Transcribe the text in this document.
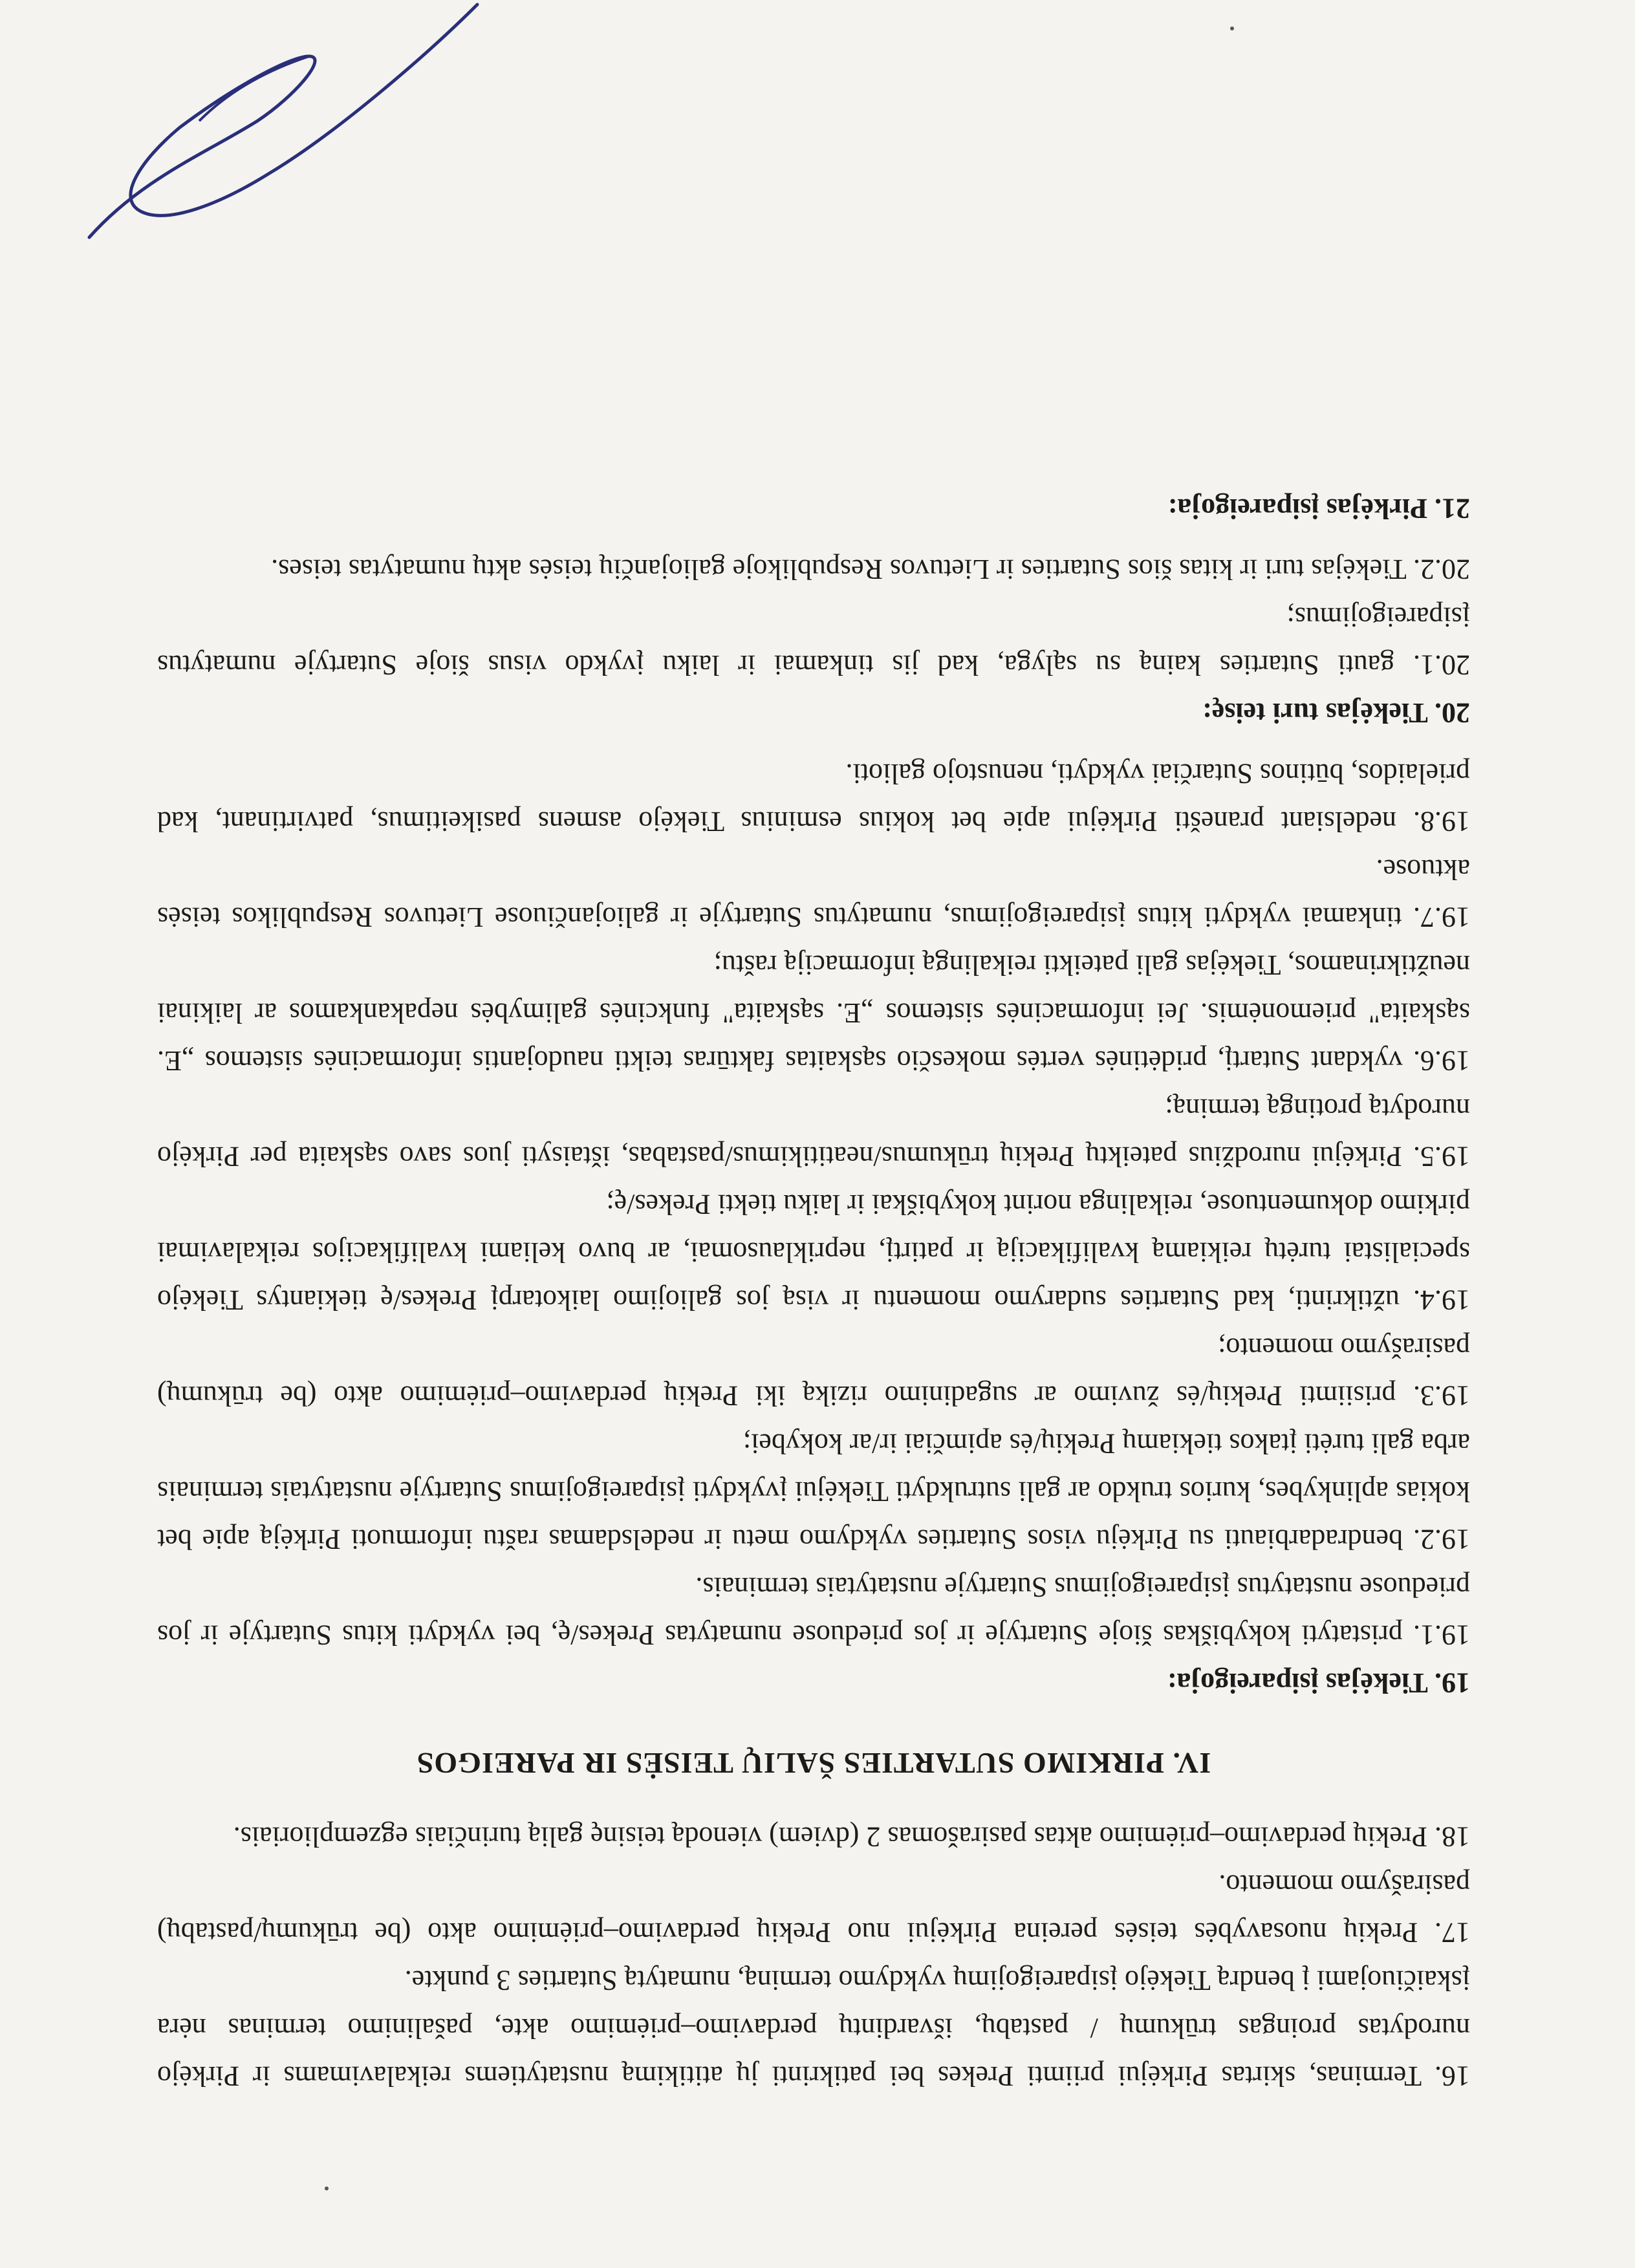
16. Terminas, skirtas Pirkėjui priimti Prekes bei patikrinti jų atitikimą nustatytiems reikalavimams ir Pirkėjo nurodytas proingas trūkumų / pastabų, išvardintų perdavimo–priėmimo akte, pašalinimo terminas nėra įskaičiuojami į bendrą Tiekėjo įsipareigojimų vykdymo terminą, numatytą Sutarties 3 punkte.

17. Prekių nuosavybės teisės pereina Pirkėjui nuo Prekių perdavimo–priėmimo akto (be trūkumų/pastabų) pasirašymo momento.

18. Prekių perdavimo–priėmimo aktas pasirašomas 2 (dviem) vienodą teisinę galią turinčiais egzemplioriais.

IV. PIRKIMO SUTARTIES ŠALIŲ TEISĖS IR PAREIGOS

19. Tiekėjas įsipareigoja:

19.1. pristatyti kokybiškas šioje Sutartyje ir jos prieduose numatytas Prekes/ę, bei vykdyti kitus Sutartyje ir jos prieduose nustatytus įsipareigojimus Sutartyje nustatytais terminais.

19.2. bendradarbiauti su Pirkėju visos Sutarties vykdymo metu ir nedelsdamas raštu informuoti Pirkėją apie bet kokias aplinkybes, kurios trukdo ar gali sutrukdyti Tiekėjui įvykdyti įsipareigojimus Sutartyje nustatytais terminais arba gali turėti įtakos tiekiamų Prekių/ės apimčiai ir/ar kokybei;

19.3. prisiimti Prekių/ės žuvimo ar sugadinimo riziką iki Prekių perdavimo–priėmimo akto (be trūkumų) pasirašymo momento;

19.4. užtikrinti, kad Sutarties sudarymo momentu ir visą jos galiojimo laikotarpį Prekes/ę tiekiantys Tiekėjo specialistai turėtų reikiamą kvalifikaciją ir patirtį, nepriklausomai, ar buvo keliami kvalifikacijos reikalavimai pirkimo dokumentuose, reikalinga norint kokybiškai ir laiku tiekti Prekes/ę;

19.5. Pirkėjui nurodžius pateiktų Prekių trūkumus/neatitikimus/pastabas, ištaisyti juos savo sąskaita per Pirkėjo nurodytą protingą terminą;

19.6. vykdant Sutartį, pridėtinės vertės mokesčio sąskaitas faktūras teikti naudojantis informacinės sistemos „E. sąskaita" priemonėmis. Jei informacinės sistemos „E. sąskaita" funkcinės galimybės nepakankamos ar laikinai neužtikrinamos, Tiekėjas gali pateikti reikalingą informaciją raštu;

19.7. tinkamai vykdyti kitus įsipareigojimus, numatytus Sutartyje ir galiojančiuose Lietuvos Respublikos teisės aktuose.

19.8. nedelsiant pranešti Pirkėjui apie bet kokius esminius Tiekėjo asmens pasikeitimus, patvirtinant, kad prielaidos, būtinos Sutarčiai vykdyti, nenustojo galioti.

20. Tiekėjas turi teisę:

20.1. gauti Sutarties kainą su sąlyga, kad jis tinkamai ir laiku įvykdo visus šioje Sutartyje numatytus įsipareigojimus;

20.2. Tiekėjas turi ir kitas šios Sutarties ir Lietuvos Respublikoje galiojančių teisės aktų numatytas teises.

21. Pirkėjas įsipareigoja:
